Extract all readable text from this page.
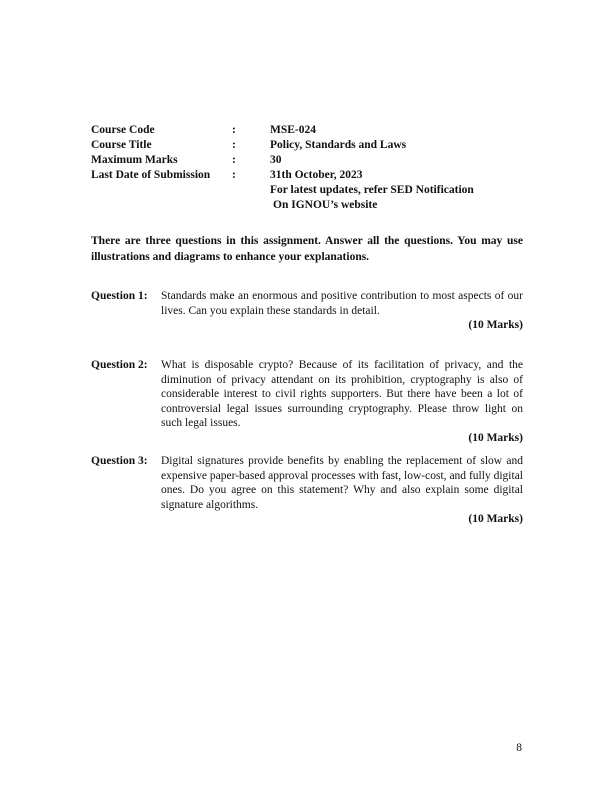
Course Code	:	MSE-024
Course Title	:	Policy, Standards and Laws
Maximum Marks	:	30
Last Date of Submission	:	31th October, 2023
For latest updates, refer SED Notification
On IGNOU’s website
There are three questions in this assignment. Answer all the questions. You may use illustrations and diagrams to enhance your explanations.
Question 1: Standards make an enormous and positive contribution to most aspects of our lives. Can you explain these standards in detail.
(10 Marks)
Question 2: What is disposable crypto? Because of its facilitation of privacy, and the diminution of privacy attendant on its prohibition, cryptography is also of considerable interest to civil rights supporters. But there have been a lot of controversial legal issues surrounding cryptography. Please throw light on such legal issues.
(10 Marks)
Question 3: Digital signatures provide benefits by enabling the replacement of slow and expensive paper-based approval processes with fast, low-cost, and fully digital ones. Do you agree on this statement? Why and also explain some digital signature algorithms.
(10 Marks)
8
